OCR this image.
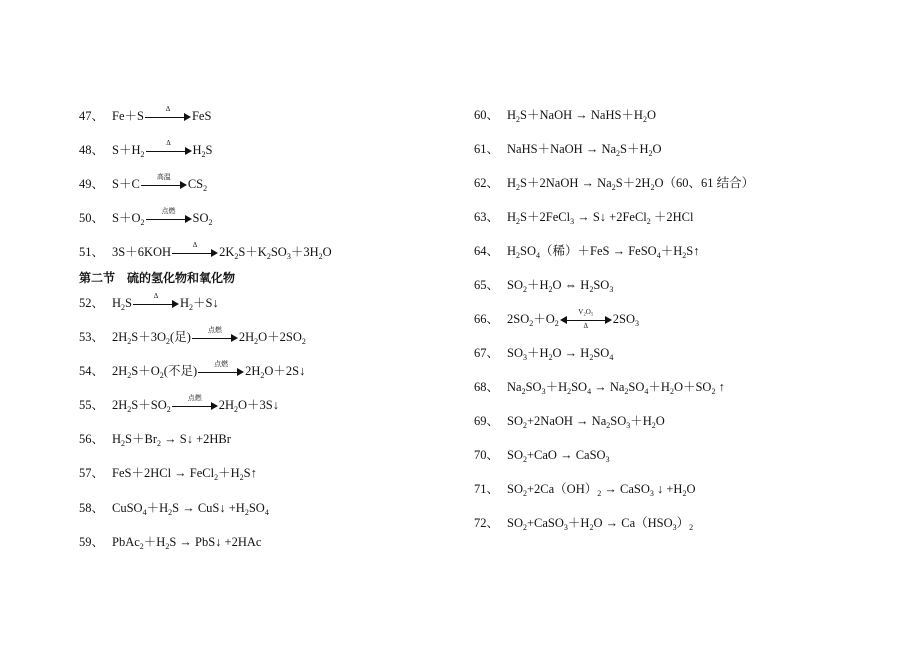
47、 Fe＋S	Δ	FeS
48、 $S+H_2$
Δ	$H_2S$
49、 S＋C	高温	$CS_2$
50、 $S+O_2$
点燃	$SO_2$
51、 3S＋6KOH	Δ	$2K_2S+K_2SO_3+3H_2O$
52、 $H_2S$	Δ	$H_2+S↓$
53、 $2H_2S+3O_2$(足)	点燃	$2H_2O+2SO_2$
54、 $2H_2S+O_2$(不足)	点燃	$2H_2O+2S↓$
55、 $2H_2S+SO_2$
点燃	$2H_2O+3S↓$
56、 $H_2S+Br_2$ → S↓ +2HBr
57、 $FeS+2HCl \to FeCl_2+H_2S↑$
58、 $CuSO_4+H_2S$ → CuS↓ $+H_2SO_4$
59、 $PbAc_2+H_2S$ → PbS↓ +2HAc
60、 $H_2S+NaOH$ → $NaHS+H_2O$
61、 NaHS＋NaOH → $Na_2S+H_2O$
62、 $H_2S+2NaOH \to Na_2S+2H_2O(60$、61 结合）
63、 $H_2S+2FeCl_3$ → S↓ +2FeCl$_2$ ＋2HCl
64、 $H_2SO_4$（稀）$+FeS \to FeSO_4+H_2S↑$
65、 $SO_2+H_2O$ ⇔ $H_2SO_3$
66、 $2SO_2+O_2 \frac{\text{V₂O₅}}{\Delta} 2SO_3$
67、 $SO_3+H_2O \to H_2SO_4$
68、 $Na_2SO_3+H_2SO_4 \to Na_2SO_4+H_2O+SO_2$ ↑
69、 $SO_2+2NaOH \to Na_2SO_3+H_2O$
70、 $SO_2+CaO$ → CaSO$_3$
71、 $SO_2+2Ca(OH)_2$ → CaSO$_3$ ↓ $+H_2O$
72、 $SO_2+CaSO_3+H_2O \to Ca(HSO_3)_2$
第二节　硫的氢化物和氧化物
